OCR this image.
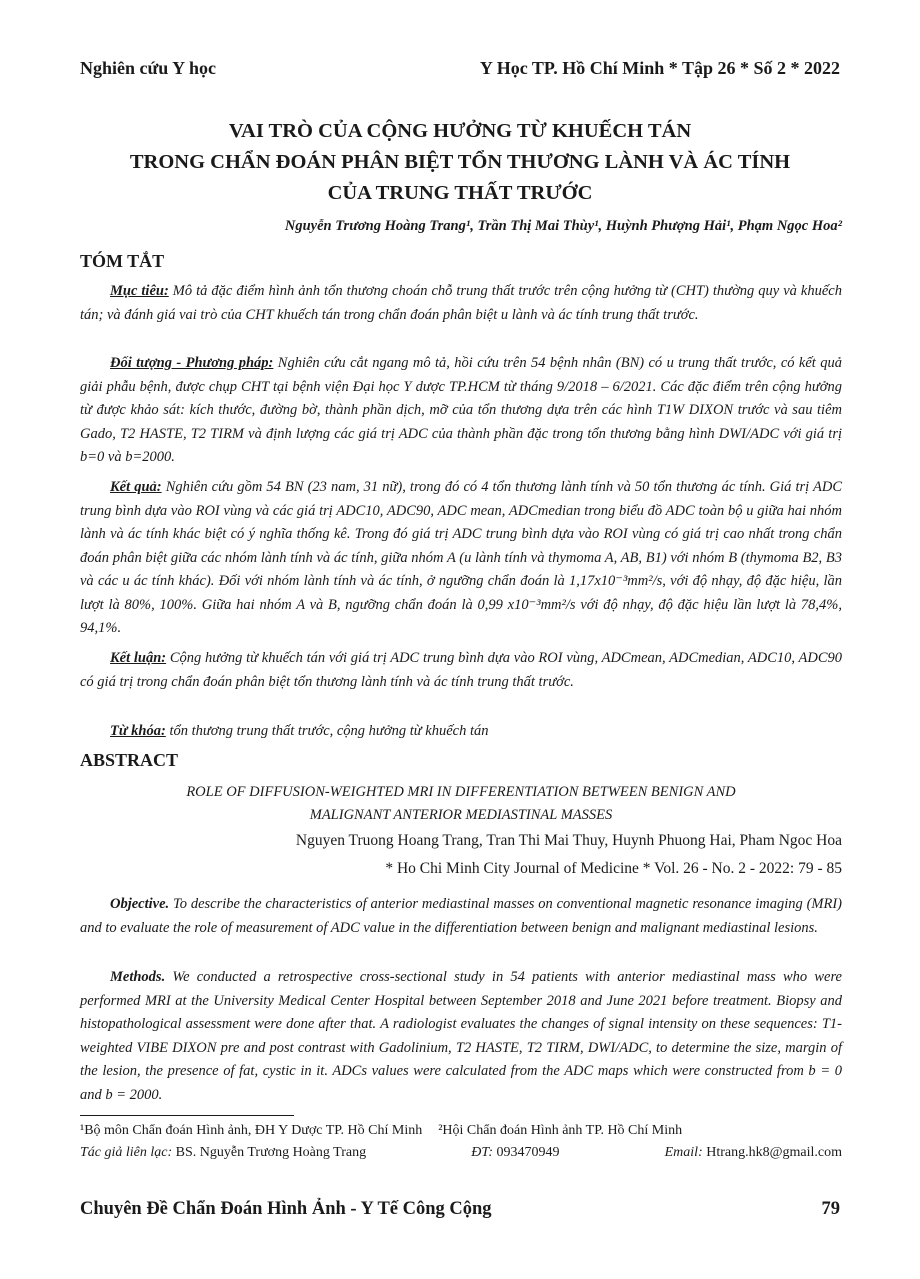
Nghiên cứu Y học	Y Học TP. Hồ Chí Minh * Tập 26 * Số 2 * 2022
VAI TRÒ CỦA CỘNG HƯỞNG TỪ KHUẾCH TÁN
TRONG CHẨN ĐOÁN PHÂN BIỆT TỔN THƯƠNG LÀNH VÀ ÁC TÍNH
CỦA TRUNG THẤT TRƯỚC
Nguyễn Trương Hoàng Trang¹, Trần Thị Mai Thùy¹, Huỳnh Phượng Hải¹, Phạm Ngọc Hoa²
TÓM TẮT
Mục tiêu: Mô tả đặc điểm hình ảnh tổn thương choán chỗ trung thất trước trên cộng hưởng từ (CHT) thường quy và khuếch tán; và đánh giá vai trò của CHT khuếch tán trong chẩn đoán phân biệt u lành và ác tính trung thất trước.
Đối tượng - Phương pháp: Nghiên cứu cắt ngang mô tả, hồi cứu trên 54 bệnh nhân (BN) có u trung thất trước, có kết quả giải phẫu bệnh, được chụp CHT tại bệnh viện Đại học Y dược TP.HCM từ tháng 9/2018 – 6/2021. Các đặc điểm trên cộng hưởng từ được khảo sát: kích thước, đường bờ, thành phần dịch, mỡ của tổn thương dựa trên các hình T1W DIXON trước và sau tiêm Gado, T2 HASTE, T2 TIRM và định lượng các giá trị ADC của thành phần đặc trong tổn thương bằng hình DWI/ADC với giá trị b=0 và b=2000.
Kết quả: Nghiên cứu gồm 54 BN (23 nam, 31 nữ), trong đó có 4 tổn thương lành tính và 50 tổn thương ác tính. Giá trị ADC trung bình dựa vào ROI vùng và các giá trị ADC10, ADC90, ADC mean, ADCmedian trong biểu đồ ADC toàn bộ u giữa hai nhóm lành và ác tính khác biệt có ý nghĩa thống kê. Trong đó giá trị ADC trung bình dựa vào ROI vùng có giá trị cao nhất trong chẩn đoán phân biệt giữa các nhóm lành tính và ác tính, giữa nhóm A (u lành tính và thymoma A, AB, B1) với nhóm B (thymoma B2, B3 và các u ác tính khác). Đối với nhóm lành tính và ác tính, ở ngưỡng chẩn đoán là 1,17x10⁻³mm²/s, với độ nhạy, độ đặc hiệu, lần lượt là 80%, 100%. Giữa hai nhóm A và B, ngưỡng chẩn đoán là 0,99 x10⁻³mm²/s với độ nhạy, độ đặc hiệu lần lượt là 78,4%, 94,1%.
Kết luận: Cộng hưởng từ khuếch tán với giá trị ADC trung bình dựa vào ROI vùng, ADCmean, ADCmedian, ADC10, ADC90 có giá trị trong chẩn đoán phân biệt tổn thương lành tính và ác tính trung thất trước.
Từ khóa: tổn thương trung thất trước, cộng hưởng từ khuếch tán
ABSTRACT
ROLE OF DIFFUSION-WEIGHTED MRI IN DIFFERENTIATION BETWEEN BENIGN AND
MALIGNANT ANTERIOR MEDIASTINAL MASSES
Nguyen Truong Hoang Trang, Tran Thi Mai Thuy, Huynh Phuong Hai, Pham Ngoc Hoa
* Ho Chi Minh City Journal of Medicine * Vol. 26 - No. 2 - 2022: 79 - 85
Objective. To describe the characteristics of anterior mediastinal masses on conventional magnetic resonance imaging (MRI) and to evaluate the role of measurement of ADC value in the differentiation between benign and malignant mediastinal lesions.
Methods. We conducted a retrospective cross-sectional study in 54 patients with anterior mediastinal mass who were performed MRI at the University Medical Center Hospital between September 2018 and June 2021 before treatment. Biopsy and histopathological assessment were done after that. A radiologist evaluates the changes of signal intensity on these sequences: T1- weighted VIBE DIXON pre and post contrast with Gadolinium, T2 HASTE, T2 TIRM, DWI/ADC, to determine the size, margin of the lesion, the presence of fat, cystic in it. ADCs values were calculated from the ADC maps which were constructed from b = 0 and b = 2000.
¹Bộ môn Chẩn đoán Hình ảnh, ĐH Y Dược TP. Hồ Chí Minh ²Hội Chẩn đoán Hình ảnh TP. Hồ Chí Minh
Tác giả liên lạc: BS. Nguyễn Trương Hoàng Trang	ĐT: 093470949	Email: Htrang.hk8@gmail.com
Chuyên Đề Chẩn Đoán Hình Ảnh - Y Tế Công Cộng	79
